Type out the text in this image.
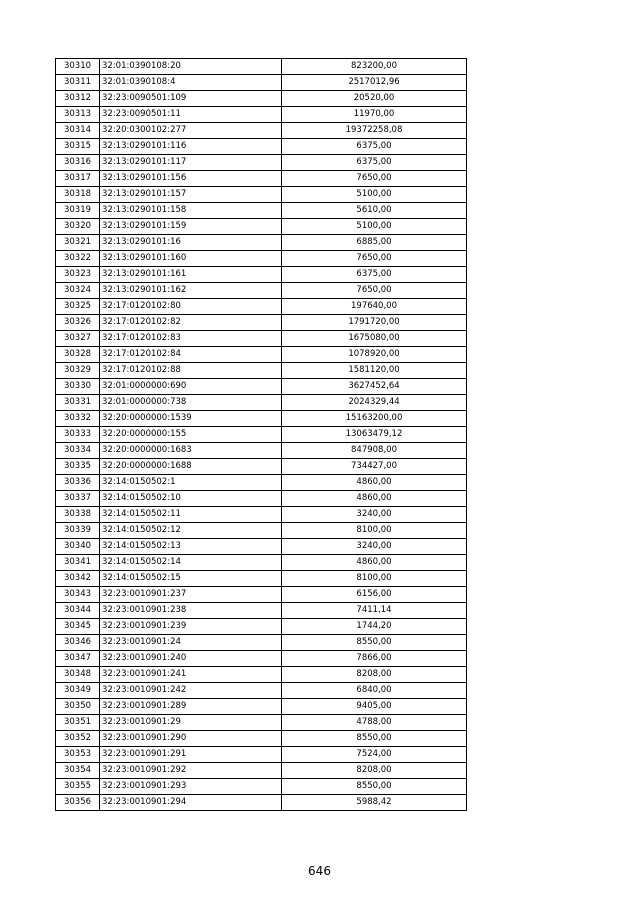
30310	32:01:0390108:20	823200,00
30311	32:01:0390108:4	2517012,96
30312	32:23:0090501:109	20520,00
30313	32:23:0090501:11	11970,00
30314	32:20:0300102:277	19372258,08
30315	32:13:0290101:116	6375,00
30316	32:13:0290101:117	6375,00
30317	32:13:0290101:156	7650,00
30318	32:13:0290101:157	5100,00
30319	32:13:0290101:158	5610,00
30320	32:13:0290101:159	5100,00
30321	32:13:0290101:16	6885,00
30322	32:13:0290101:160	7650,00
30323	32:13:0290101:161	6375,00
30324	32:13:0290101:162	7650,00
30325	32:17:0120102:80	197640,00
30326	32:17:0120102:82	1791720,00
30327	32:17:0120102:83	1675080,00
30328	32:17:0120102:84	1078920,00
30329	32:17:0120102:88	1581120,00
30330	32:01:0000000:690	3627452,64
30331	32:01:0000000:738	2024329,44
30332	32:20:0000000:1539	15163200,00
30333	32:20:0000000:155	13063479,12
30334	32:20:0000000:1683	847908,00
30335	32:20:0000000:1688	734427,00
30336	32:14:0150502:1	4860,00
30337	32:14:0150502:10	4860,00
30338	32:14:0150502:11	3240,00
30339	32:14:0150502:12	8100,00
30340	32:14:0150502:13	3240,00
30341	32:14:0150502:14	4860,00
30342	32:14:0150502:15	8100,00
30343	32:23:0010901:237	6156,00
30344	32:23:0010901:238	7411,14
30345	32:23:0010901:239	1744,20
30346	32:23:0010901:24	8550,00
30347	32:23:0010901:240	7866,00
30348	32:23:0010901:241	8208,00
30349	32:23:0010901:242	6840,00
30350	32:23:0010901:289	9405,00
30351	32:23:0010901:29	4788,00
30352	32:23:0010901:290	8550,00
30353	32:23:0010901:291	7524,00
30354	32:23:0010901:292	8208,00
30355	32:23:0010901:293	8550,00
30356	32:23:0010901:294	5988,42
646
